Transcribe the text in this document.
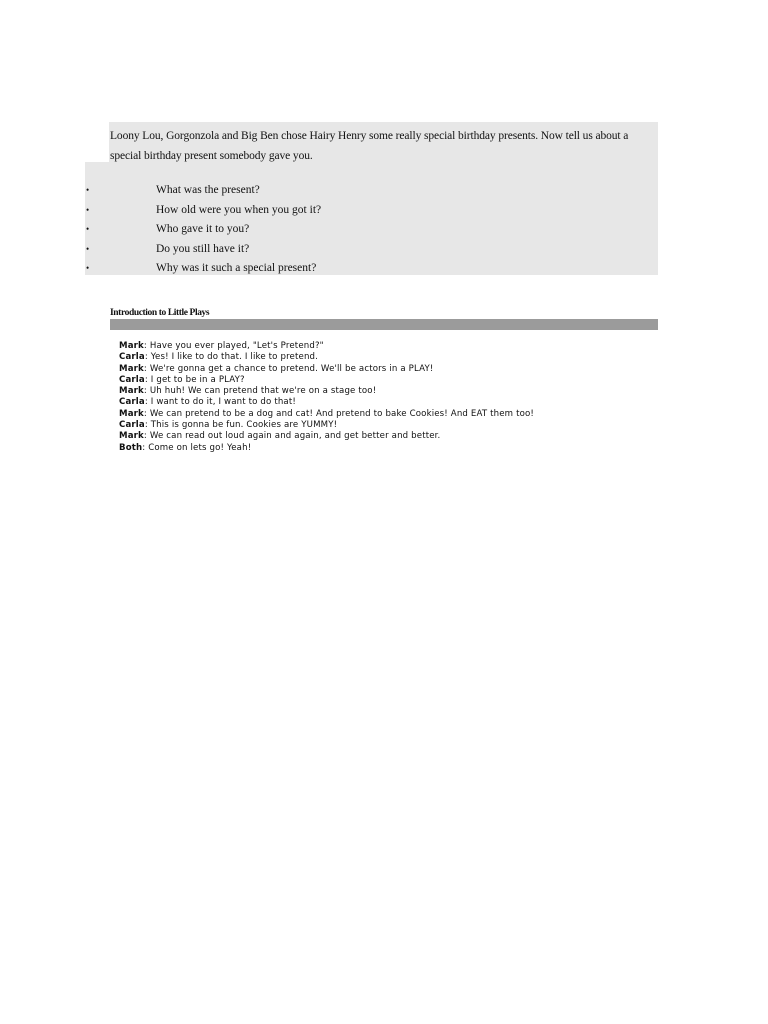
Loony Lou, Gorgonzola and Big Ben chose Hairy Henry some really special birthday presents. Now tell us about a special birthday present somebody gave you.
•	What was the present?
•	How old were you when you got it?
•	Who gave it to you?
•	Do you still have it?
•	Why was it such a special present?
Introduction to Little Plays
Mark: Have you ever played, "Let's Pretend?"
Carla: Yes! I like to do that. I like to pretend.
Mark: We're gonna get a chance to pretend. We'll be actors in a PLAY!
Carla: I get to be in a PLAY?
Mark: Uh huh! We can pretend that we're on a stage too!
Carla: I want to do it, I want to do that!
Mark: We can pretend to be a dog and cat! And pretend to bake Cookies! And EAT them too!
Carla: This is gonna be fun. Cookies are YUMMY!
Mark: We can read out loud again and again, and get better and better.
Both: Come on lets go! Yeah!
